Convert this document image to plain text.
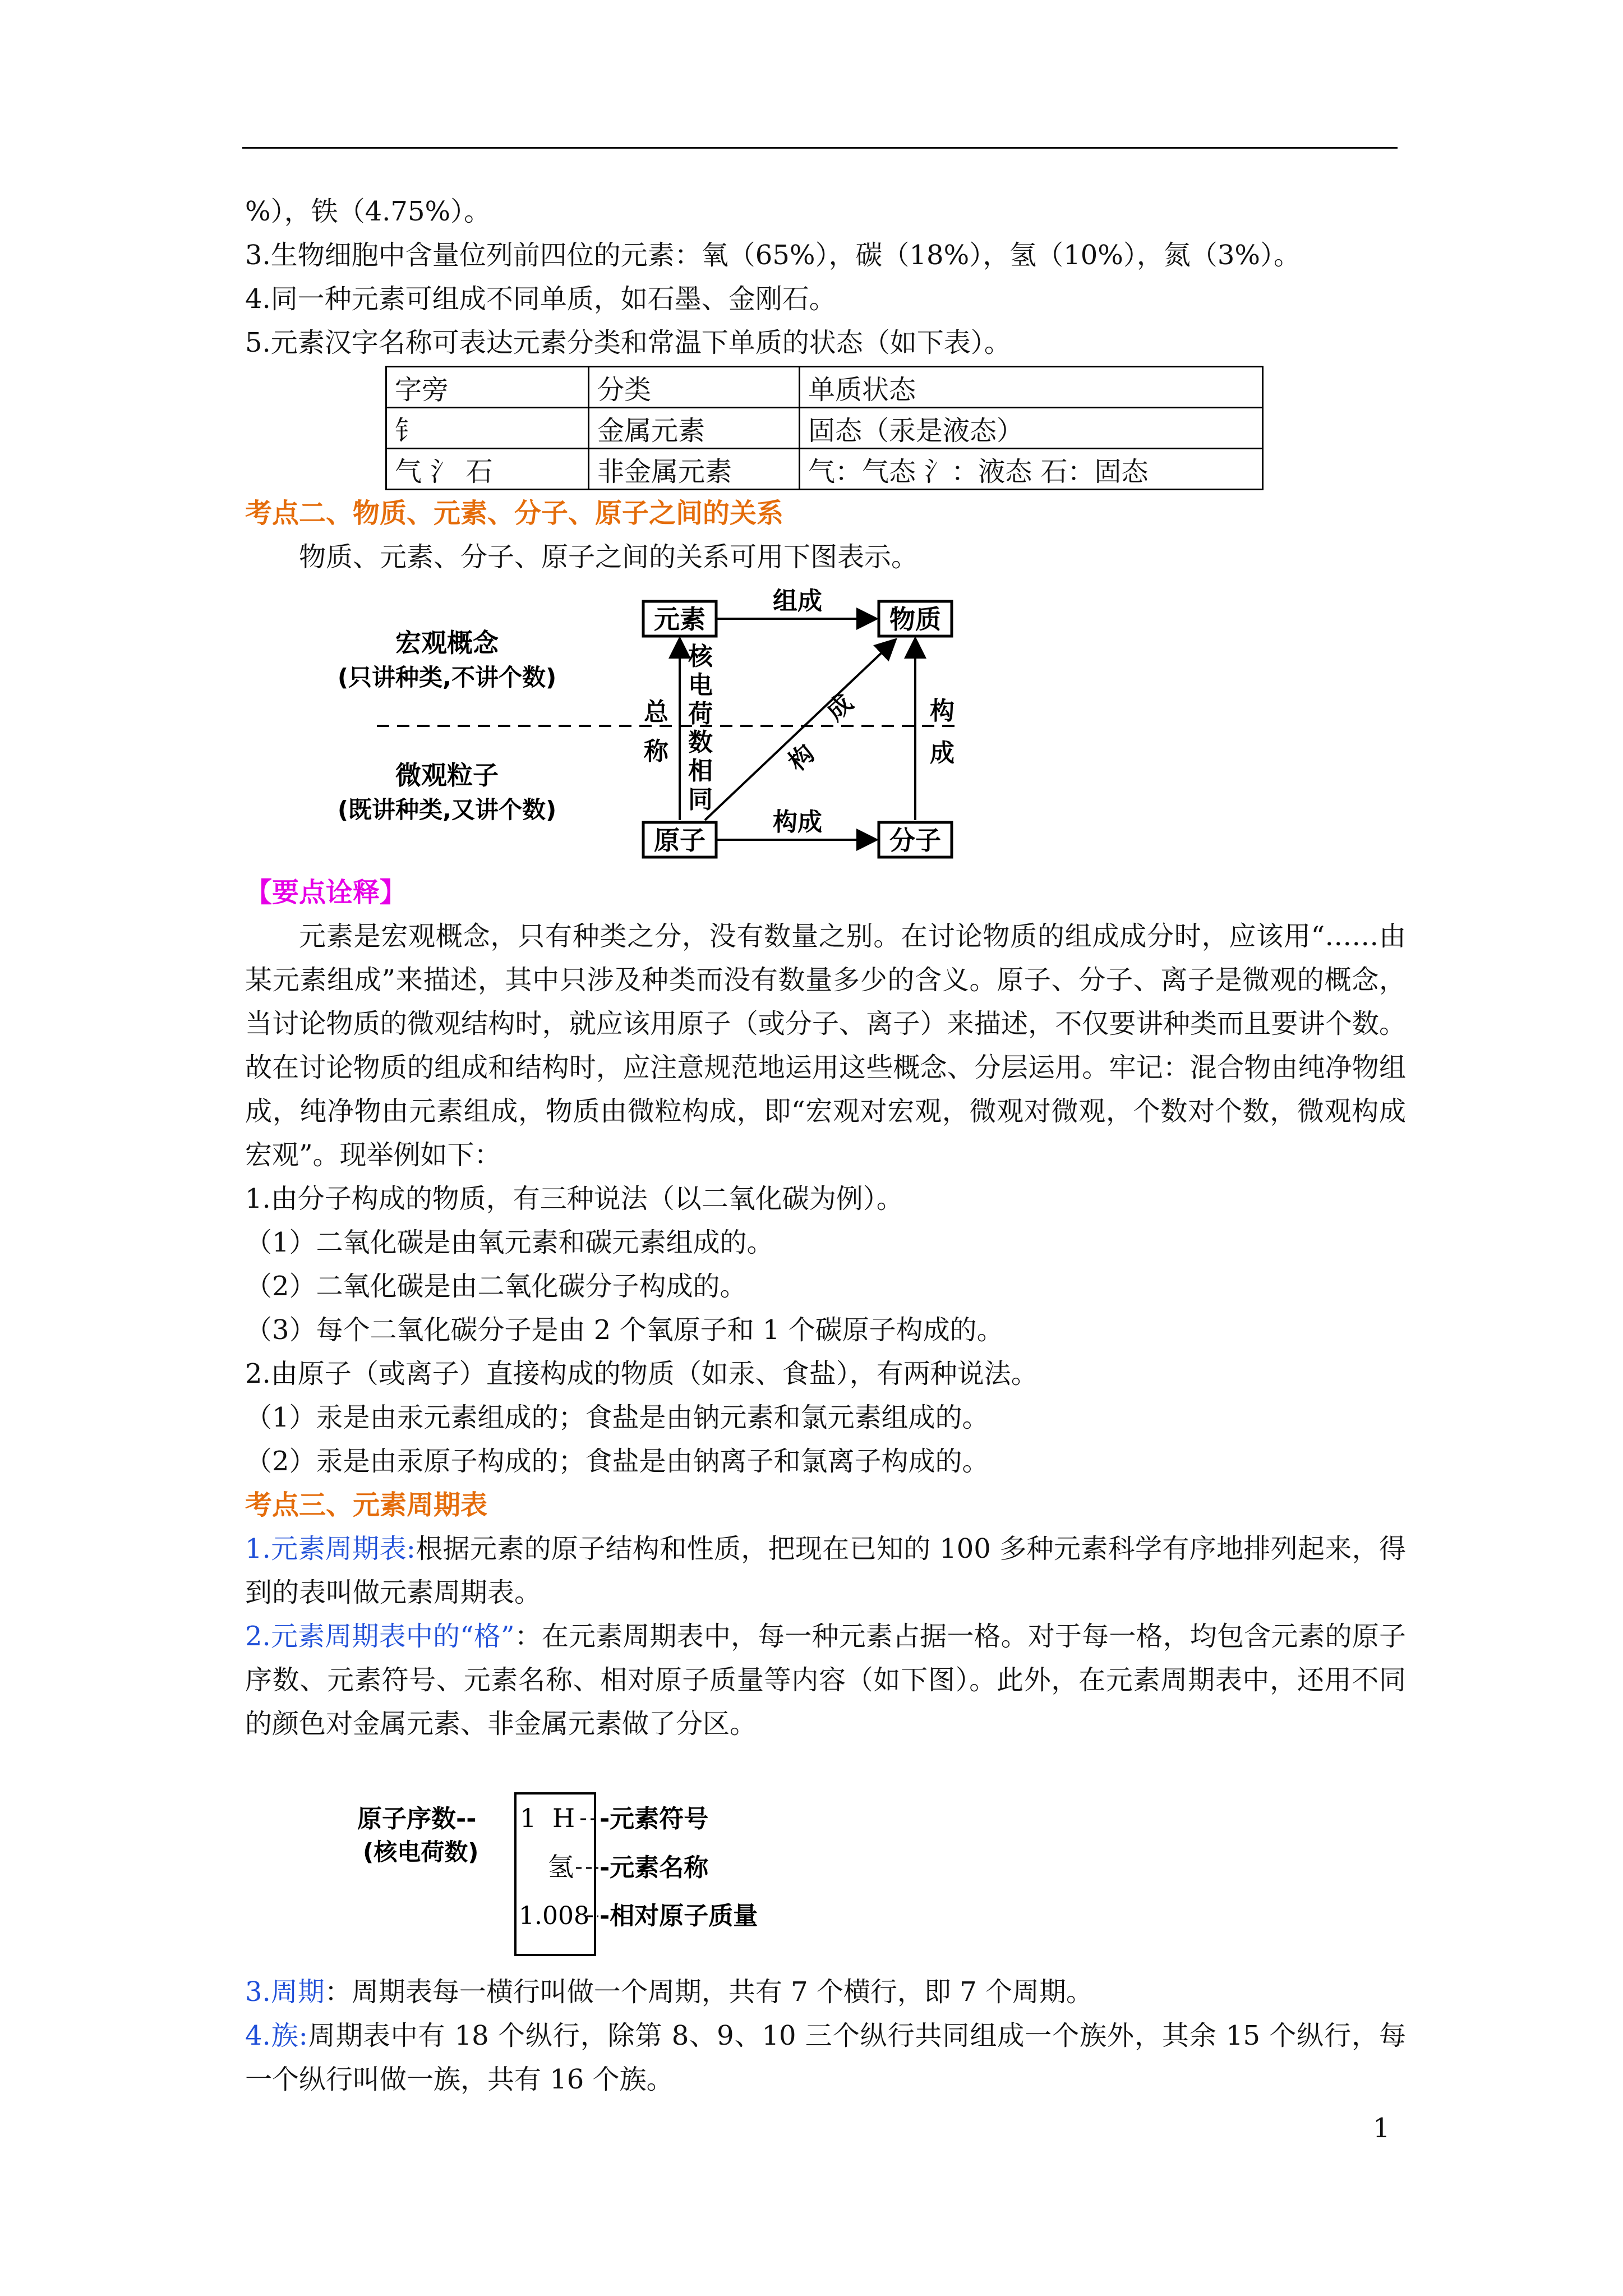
%），铁（4.75%）。
3.生物细胞中含量位列前四位的元素：氧（65%），碳（18%），氢（10%），氮（3%）。
4.同一种元素可组成不同单质，如石墨、金刚石。
5.元素汉字名称可表达元素分类和常温下单质的状态（如下表）。
字旁	分类	单质状态
钅	金属元素	固态（汞是液态）
气 氵 石	非金属元素	气：气态 氵：液态 石：固态
考点二、物质、元素、分子、原子之间的关系
物质、元素、分子、原子之间的关系可用下图表示。
宏观概念
(只讲种类,不讲个数)
微观粒子
(既讲种类,又讲个数)
元素	物质
原子	分子
组成
构成
总
称
核
电
荷
数
相
同
构
成	构
成
【要点诠释】
元素是宏观概念，只有种类之分，没有数量之别。在讨论物质的组成成分时，应该用“……由某元素组成”来描述，其中只涉及种类而没有数量多少的含义。原子、分子、离子是微观的概念，当讨论物质的微观结构时，就应该用原子（或分子、离子）来描述，不仅要讲种类而且要讲个数。故在讨论物质的组成和结构时，应注意规范地运用这些概念、分层运用。牢记：混合物由纯净物组成，纯净物由元素组成，物质由微粒构成，即“宏观对宏观，微观对微观，个数对个数，微观构成宏观”。现举例如下：
1.由分子构成的物质，有三种说法（以二氧化碳为例）。
（1）二氧化碳是由氧元素和碳元素组成的。
（2）二氧化碳是由二氧化碳分子构成的。
（3）每个二氧化碳分子是由 2 个氧原子和 1 个碳原子构成的。
2.由原子（或离子）直接构成的物质（如汞、食盐），有两种说法。
（1）汞是由汞元素组成的；食盐是由钠元素和氯元素组成的。
（2）汞是由汞原子构成的；食盐是由钠离子和氯离子构成的。
考点三、元素周期表
1.元素周期表:根据元素的原子结构和性质，把现在已知的 100 多种元素科学有序地排列起来，得到的表叫做元素周期表。
2.元素周期表中的“格”：在元素周期表中，每一种元素占据一格。对于每一格，均包含元素的原子序数、元素符号、元素名称、相对原子质量等内容（如下图）。此外，在元素周期表中，还用不同的颜色对金属元素、非金属元素做了分区。
原子序数--
(核电荷数)
-元素符号
-元素名称
-相对原子质量
1 H
氢
1.008
3.周期：周期表每一横行叫做一个周期，共有 7 个横行，即 7 个周期。
4.族:周期表中有 18 个纵行，除第 8、9、10 三个纵行共同组成一个族外，其余 15 个纵行，每一个纵行叫做一族，共有 16 个族。
1
